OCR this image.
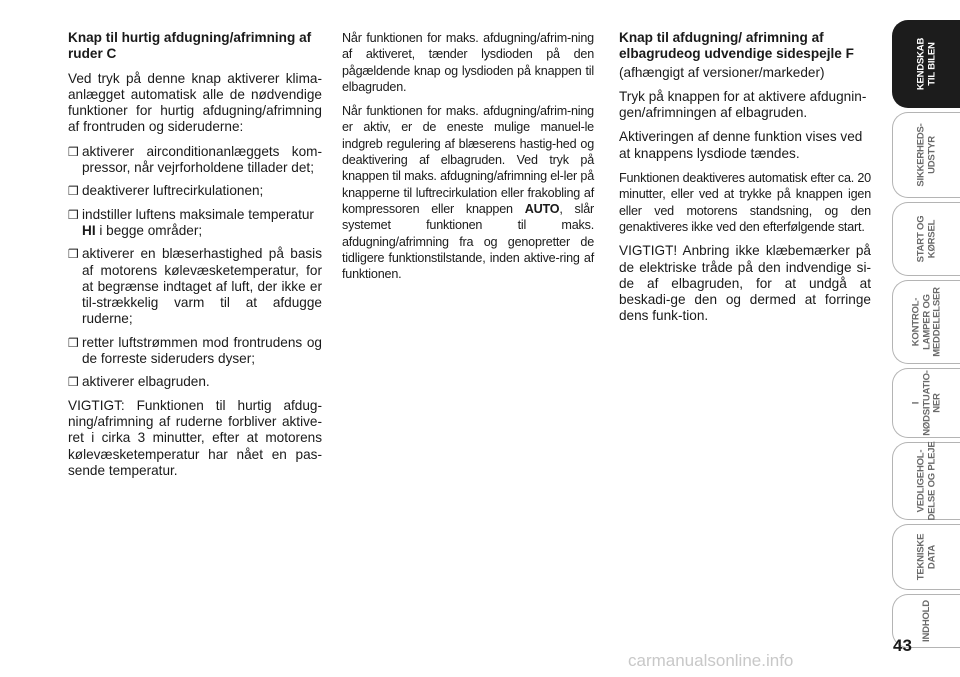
Knap til hurtig afdugning/afrimning af ruder C

Ved tryk på denne knap aktiverer klima-anlægget automatisk alle de nødvendige funktioner for hurtig afdugning/afrimning af frontruden og sideruderne:

❒ aktiverer airconditionanlæggets kom-pressor, når vejrforholdene tillader det;
❒ deaktiverer luftrecirkulationen;
❒ indstiller luftens maksimale temperatur
HI i begge områder;
❒ aktiverer en blæserhastighed på basis af motorens kølevæsketemperatur, for at begrænse indtaget af luft, der ikke er til-strækkelig varm til at afdugge ruderne;
❒ retter luftstrømmen mod frontrudens og de forreste sideruders dyser;
❒ aktiverer elbagruden.

VIGTIGT: Funktionen til hurtig afdug-ning/afrimning af ruderne forbliver aktive-ret i cirka 3 minutter, efter at motorens kølevæsketemperatur har nået en pas-sende temperatur.

Når funktionen for maks. afdugning/afrim-ning af aktiveret, tænder lysdioden på den pågældende knap og lysdioden på knappen til elbagruden.

Når funktionen for maks. afdugning/afrim-ning er aktiv, er de eneste mulige manuel-le indgreb regulering af blæserens hastig-hed og deaktivering af elbagruden. Ved tryk på knappen til maks. afdugning/afrimning el-ler på knapperne til luftrecirkulation eller frakobling af kompressoren eller knappen AUTO, slår systemet funktionen til maks. afdugning/afrimning fra og genopretter de tidligere funktionstilstande, inden aktive-ring af funktionen.

Knap til afdugning/ afrimning af elbagrudeog udvendige sidespejle F

(afhængigt af versioner/markeder)

Tryk på knappen for at aktivere afdugnin-gen/afrimningen af elbagruden.

Aktiveringen af denne funktion vises ved at knappens lysdiode tændes.

Funktionen deaktiveres automatisk efter ca. 20 minutter, eller ved at trykke på knappen igen eller ved motorens standsning, og den genaktiveres ikke ved den efterfølgende start.

VIGTIGT! Anbring ikke klæbemærker på de elektriske tråde på den indvendige si-de af elbagruden, for at undgå at beskadi-ge den og dermed at forringe dens funk-tion.

KENDSKAB
TIL BILEN
SIKKERHEDS-
UDSTYR
START OG
KØRSEL
KONTROL-
LAMPER OG
MEDDELELSER
I
NØDSITUATIO-
NER
VEDLIGEHOL-
DELSE OG PLEJE
TEKNISKE
DATA
INDHOLD
43
carmanualsonline.info
